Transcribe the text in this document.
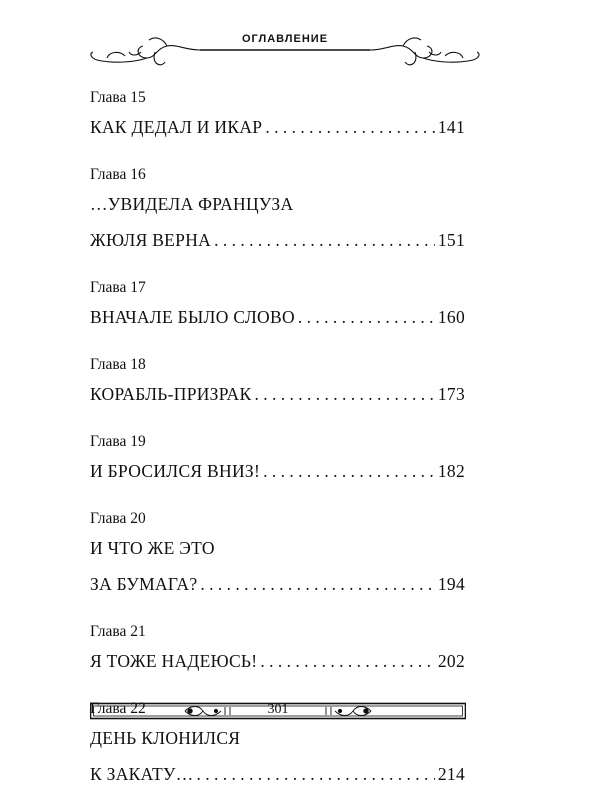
ОГЛАВЛЕНИЕ
Глава 15
КАК ДЕДАЛ И ИКАР . . .	141
Глава 16
…УВИДЕЛА ФРАНЦУЗА
ЖЮЛЯ ВЕРНА . . .	151
Глава 17
ВНАЧАЛЕ БЫЛО СЛОВО . . .	160
Глава 18
КОРАБЛЬ-ПРИЗРАК . . .	173
Глава 19
И БРОСИЛСЯ ВНИЗ! . . .	182
Глава 20
И ЧТО ЖЕ ЭТО
ЗА БУМАГА? . . .	194
Глава 21
Я ТОЖЕ НАДЕЮСЬ! . . .	202
Глава 22
ДЕНЬ КЛОНИЛСЯ
К ЗАКАТУ… . . .	214
301
